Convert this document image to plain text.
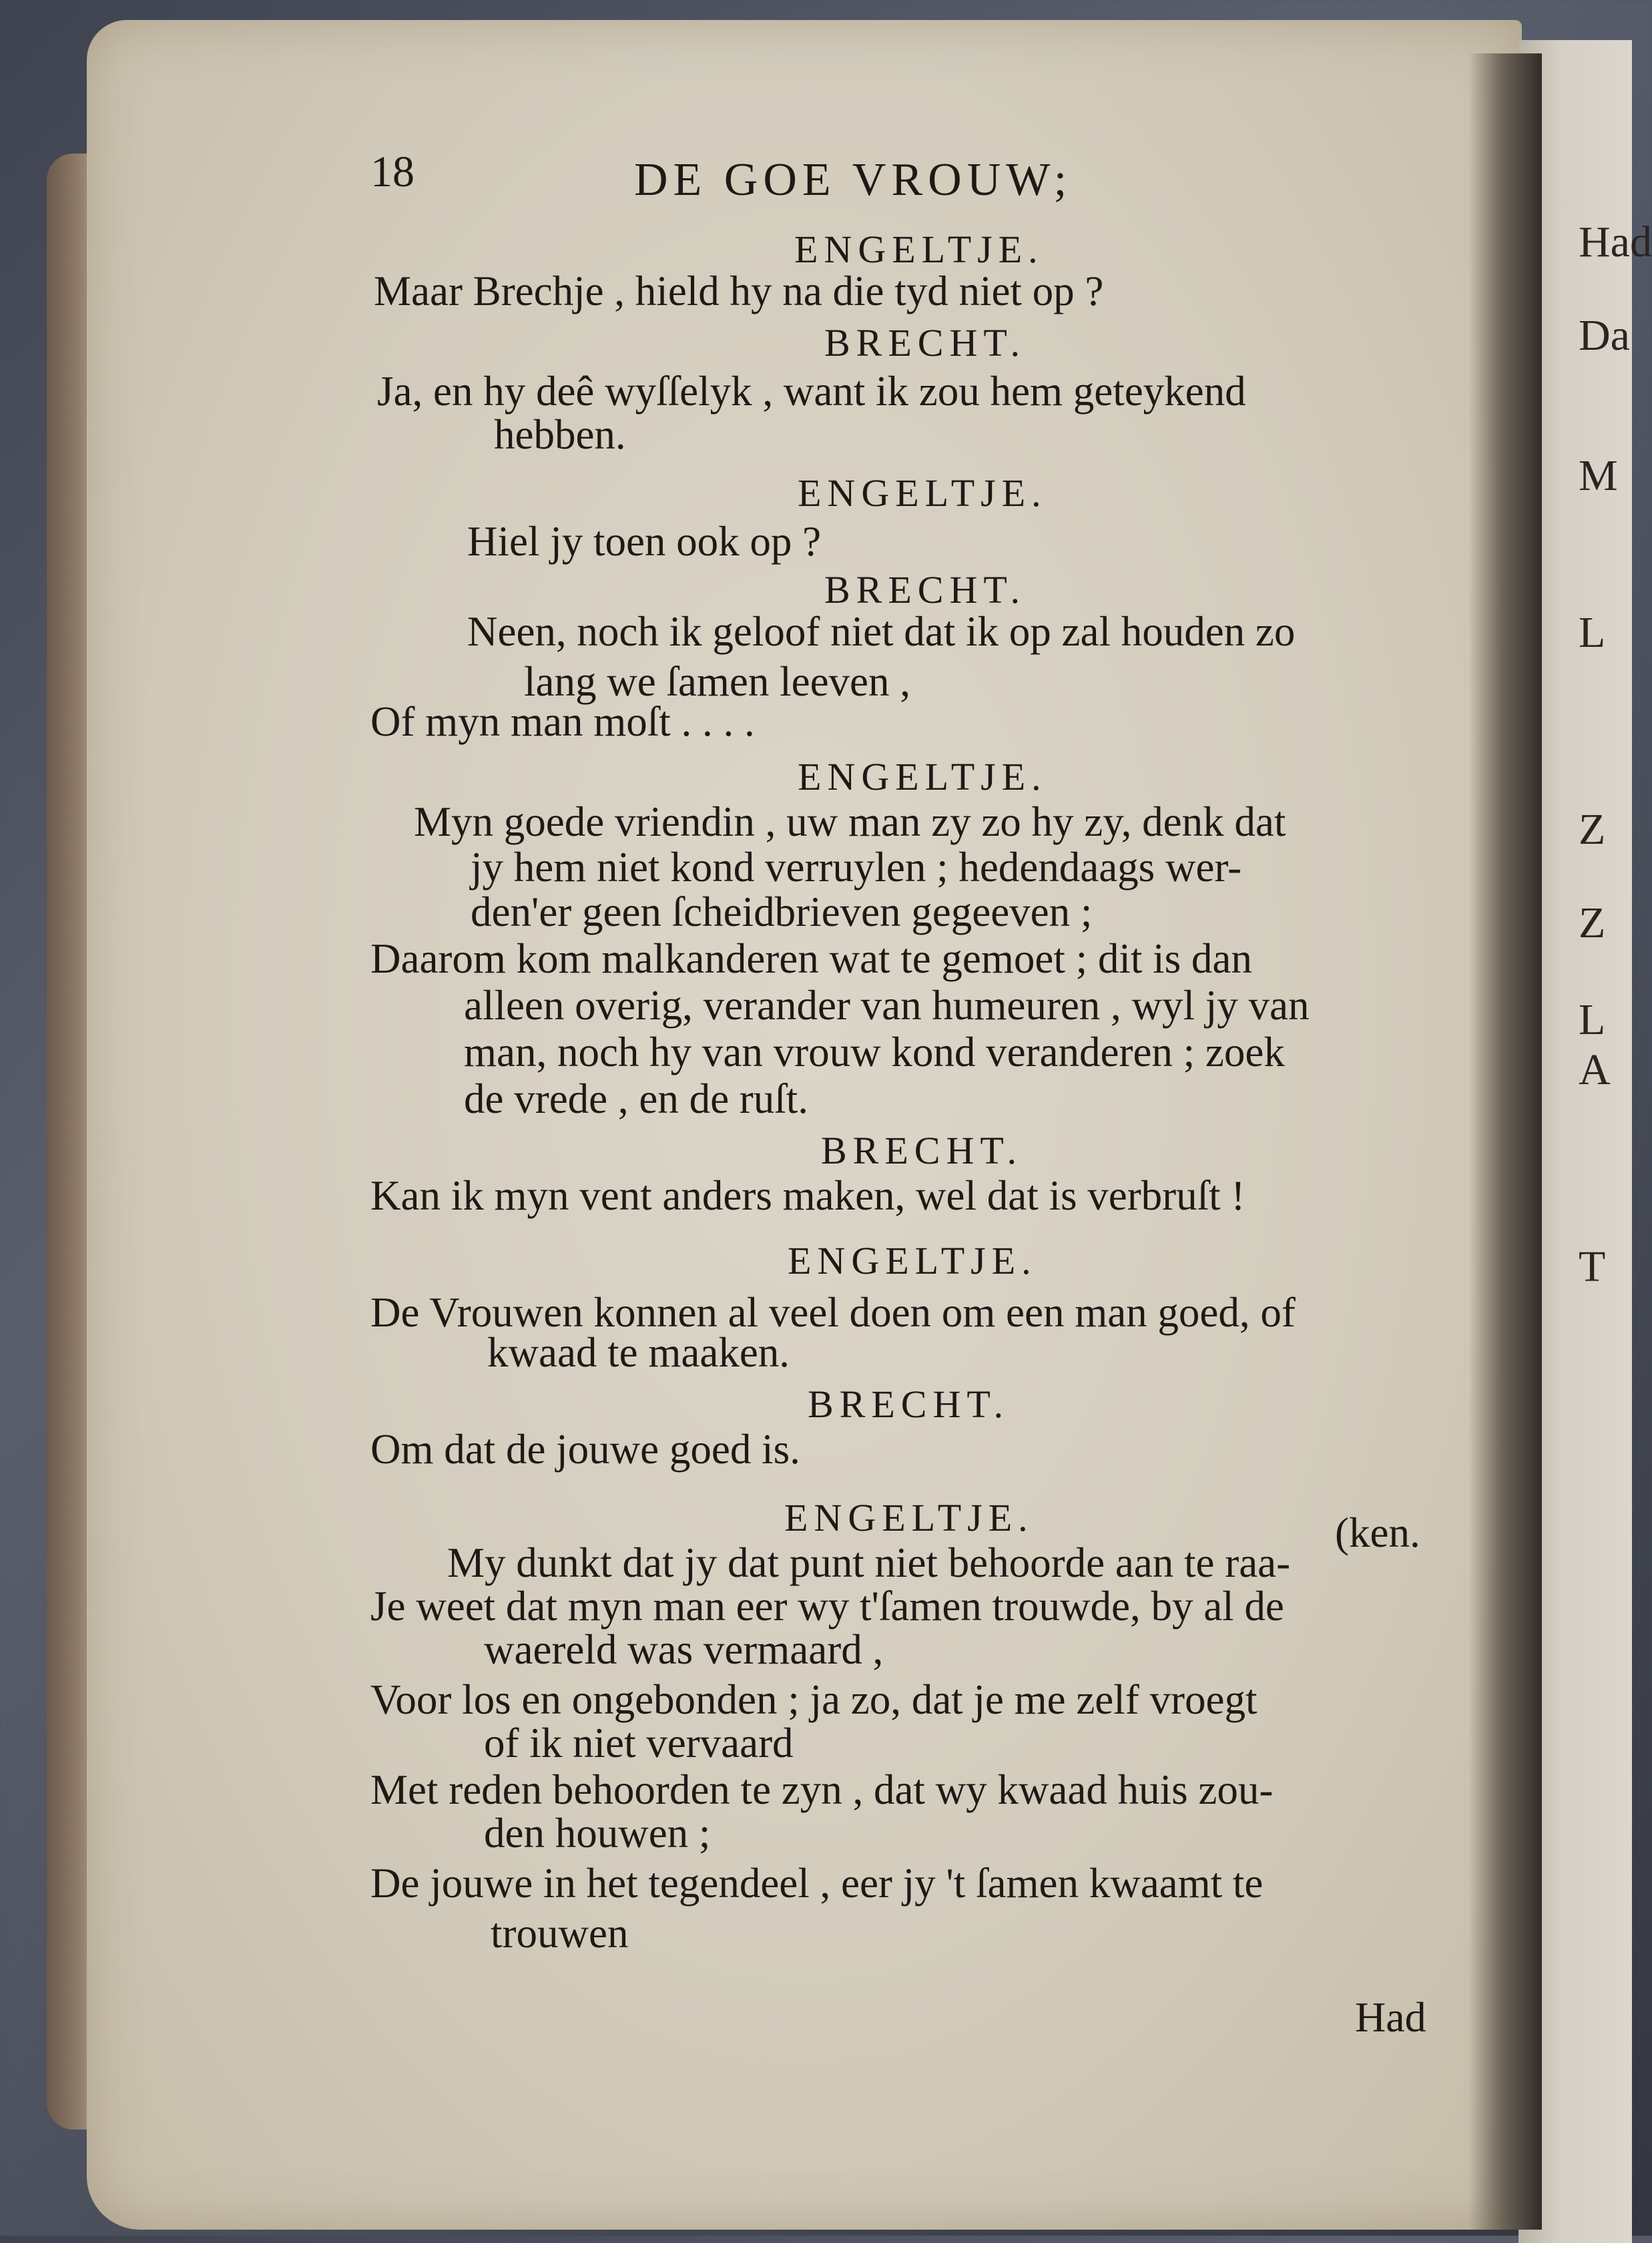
Had
Da
M
L
Z
Z
L
A
T
18	DE GOE VROUW;
ENGELTJE.
Maar Brechje , hield hy na die tyd niet op ?
BRECHT.
Ja, en hy deê wyſſelyk , want ik zou hem geteykend
hebben.
ENGELTJE.
Hiel jy toen ook op ?
BRECHT.
Neen, noch ik geloof niet dat ik op zal houden zo
lang we ſamen leeven ,
Of myn man moſt . . . .
ENGELTJE.
Myn goede vriendin , uw man zy zo hy zy, denk dat
jy hem niet kond verruylen ; hedendaags wer-
den'er geen ſcheidbrieven gegeeven ;
Daarom kom malkanderen wat te gemoet ; dit is dan
alleen overig, verander van humeuren , wyl jy van
man, noch hy van vrouw kond veranderen ; zoek
de vrede , en de ruſt.
BRECHT.
Kan ik myn vent anders maken, wel dat is verbruſt !
ENGELTJE.
De Vrouwen konnen al veel doen om een man goed, of
kwaad te maaken.
BRECHT.
Om dat de jouwe goed is.
ENGELTJE.	(ken.
My dunkt dat jy dat punt niet behoorde aan te raa-
Je weet dat myn man eer wy t'ſamen trouwde, by al de
waereld was vermaard ,
Voor los en ongebonden ; ja zo, dat je me zelf vroegt
of ik niet vervaard
Met reden behoorden te zyn , dat wy kwaad huis zou-
den houwen ;
De jouwe in het tegendeel , eer jy 't ſamen kwaamt te
trouwen
Had
